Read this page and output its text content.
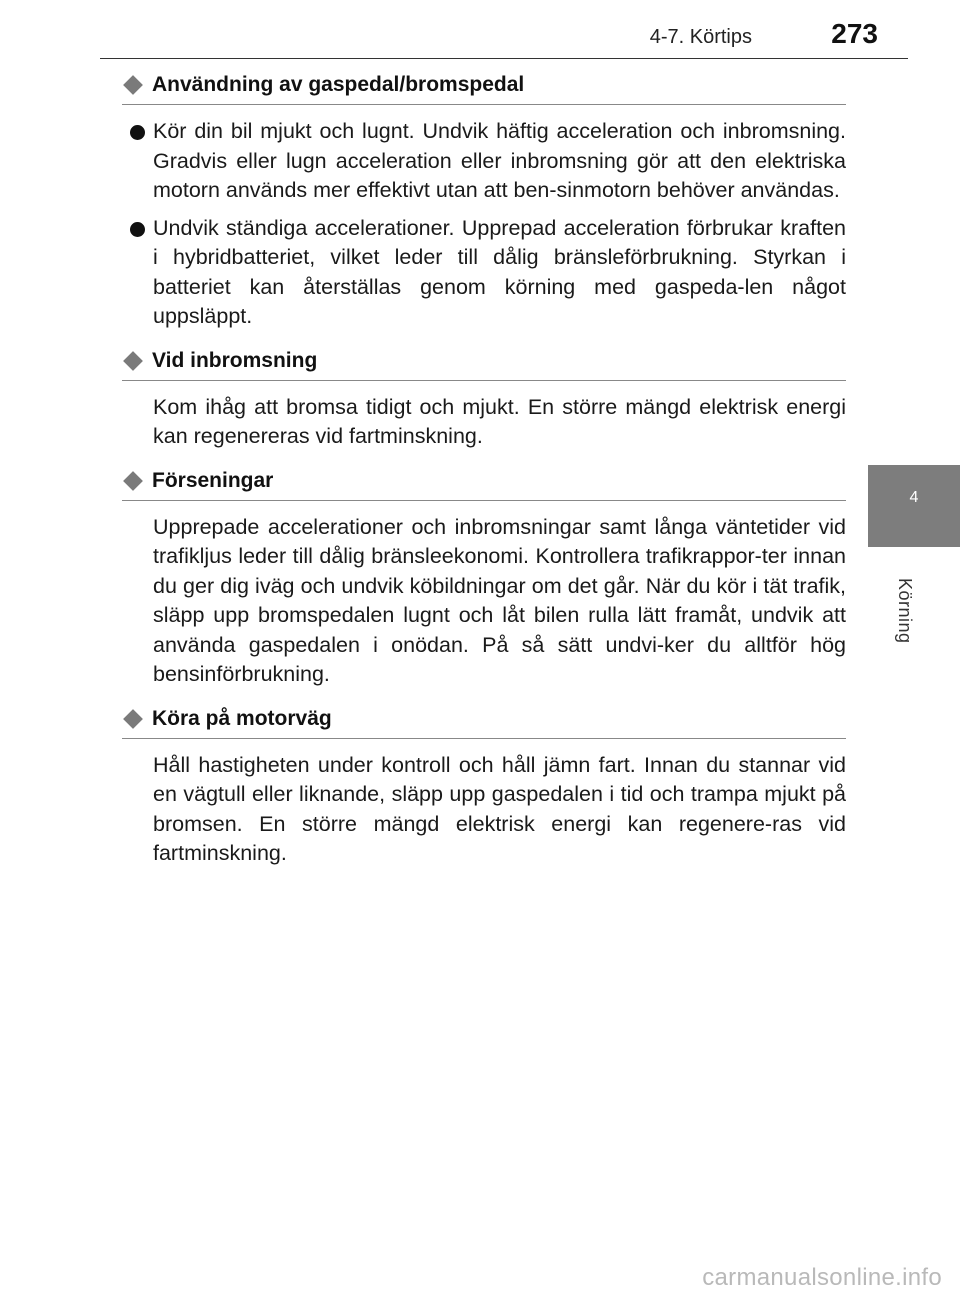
4-7. Körtips	273
4
Körning
Användning av gaspedal/bromspedal
Kör din bil mjukt och lugnt. Undvik häftig acceleration och inbromsning. Gradvis eller lugn acceleration eller inbromsning gör att den elektriska motorn används mer effektivt utan att ben-sinmotorn behöver användas.
Undvik ständiga accelerationer. Upprepad acceleration förbrukar kraften i hybridbatteriet, vilket leder till dålig bränsleförbrukning. Styrkan i batteriet kan återställas genom körning med gaspeda-len något uppsläppt.
Vid inbromsning

Kom ihåg att bromsa tidigt och mjukt. En större mängd elektrisk energi kan regenereras vid fartminskning.

Förseningar

Upprepade accelerationer och inbromsningar samt långa väntetider vid trafikljus leder till dålig bränsleekonomi. Kontrollera trafikrappor-ter innan du ger dig iväg och undvik köbildningar om det går. När du kör i tät trafik, släpp upp bromspedalen lugnt och låt bilen rulla lätt framåt, undvik att använda gaspedalen i onödan. På så sätt undvi-ker du alltför hög bensinförbrukning.

Köra på motorväg

Håll hastigheten under kontroll och håll jämn fart. Innan du stannar vid en vägtull eller liknande, släpp upp gaspedalen i tid och trampa mjukt på bromsen. En större mängd elektrisk energi kan regenere-ras vid fartminskning.

carmanualsonline.info
